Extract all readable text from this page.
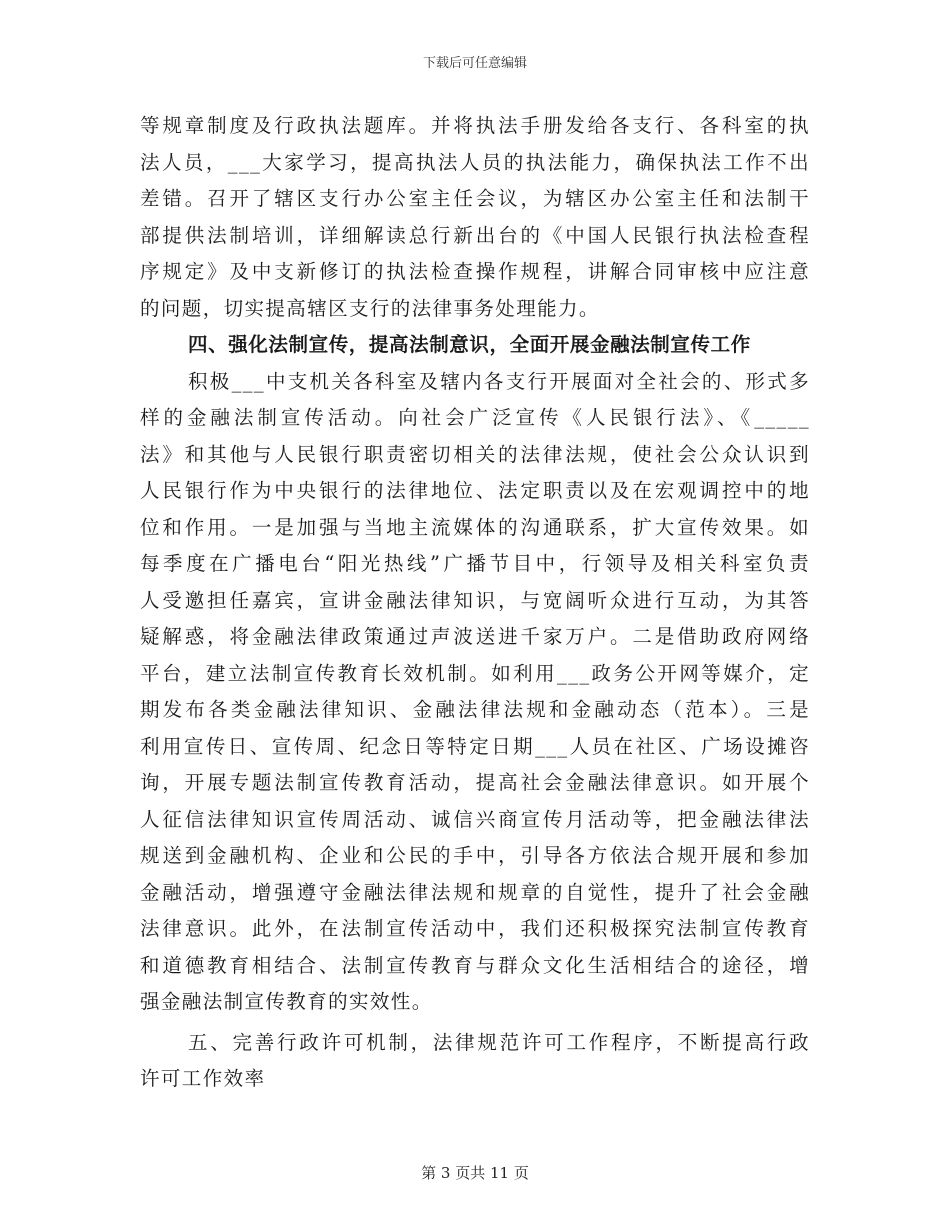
下载后可任意编辑

等规章制度及行政执法题库。并将执法手册发给各支行、各科室的执
法人员，___大家学习，提高执法人员的执法能力，确保执法工作不出
差错。召开了辖区支行办公室主任会议，为辖区办公室主任和法制干
部提供法制培训，详细解读总行新出台的《中国人民银行执法检查程
序规定》及中支新修订的执法检查操作规程，讲解合同审核中应注意
的问题，切实提高辖区支行的法律事务处理能力。

四、强化法制宣传，提高法制意识，全面开展金融法制宣传工作

积极___中支机关各科室及辖内各支行开展面对全社会的、形式多
样的金融法制宣传活动。向社会广泛宣传《人民银行法》、《_____
法》和其他与人民银行职责密切相关的法律法规，使社会公众认识到
人民银行作为中央银行的法律地位、法定职责以及在宏观调控中的地
位和作用。一是加强与当地主流媒体的沟通联系，扩大宣传效果。如
每季度在广播电台“阳光热线”广播节目中，行领导及相关科室负责
人受邀担任嘉宾，宣讲金融法律知识，与宽阔听众进行互动，为其答
疑解惑，将金融法律政策通过声波送进千家万户。二是借助政府网络
平台，建立法制宣传教育长效机制。如利用___政务公开网等媒介，定
期发布各类金融法律知识、金融法律法规和金融动态（范本）。三是
利用宣传日、宣传周、纪念日等特定日期___人员在社区、广场设摊咨
询，开展专题法制宣传教育活动，提高社会金融法律意识。如开展个
人征信法律知识宣传周活动、诚信兴商宣传月活动等，把金融法律法
规送到金融机构、企业和公民的手中，引导各方依法合规开展和参加
金融活动，增强遵守金融法律法规和规章的自觉性，提升了社会金融
法律意识。此外，在法制宣传活动中，我们还积极探究法制宣传教育
和道德教育相结合、法制宣传教育与群众文化生活相结合的途径，增
强金融法制宣传教育的实效性。

五、完善行政许可机制，法律规范许可工作程序，不断提高行政
许可工作效率

第 3 页共 11 页
